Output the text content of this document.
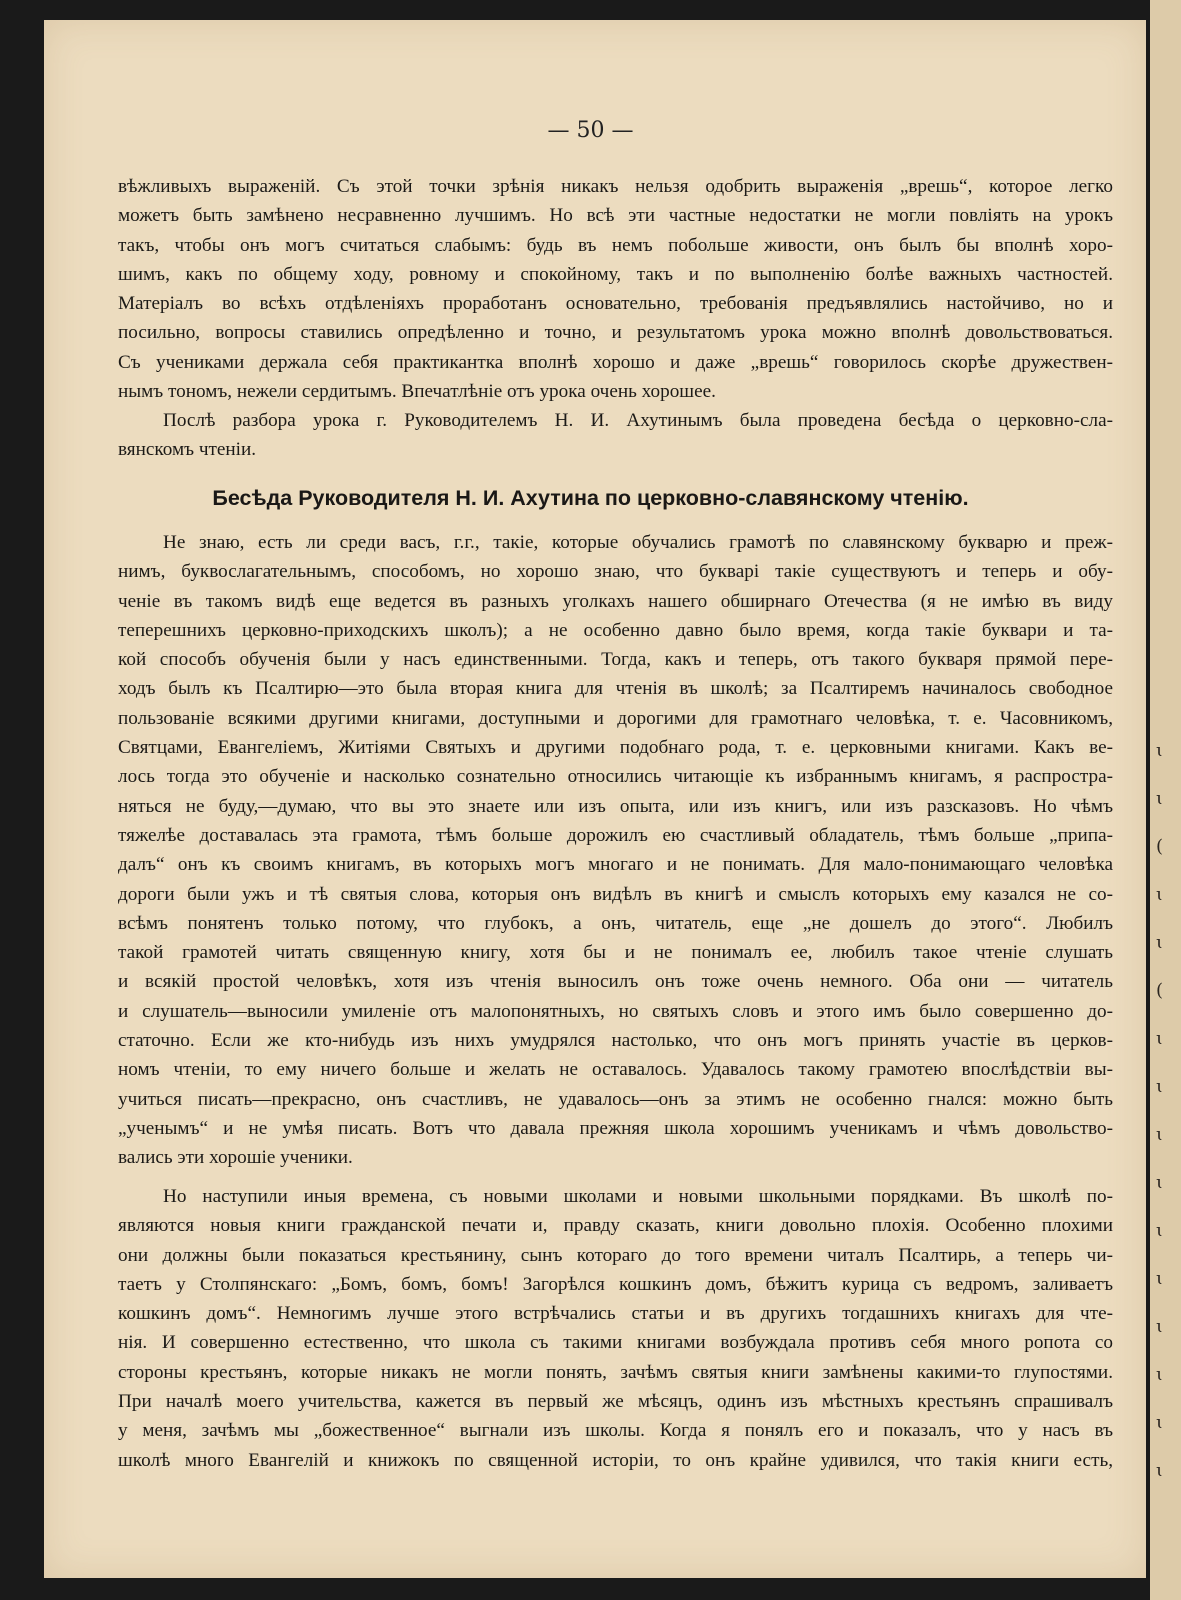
ɩ
ɩ
(
ɩ
ɩ
(
ɩ
ɩ
ɩ
ɩ
ɩ
ɩ
ɩ
ɩ
ɩ
ɩ
— 50 —
вѣжливыхъ выраженій. Съ этой точки зрѣнія никакъ нельзя одобрить выраженія „врешь“, которое легко
можетъ быть замѣнено несравненно лучшимъ. Но всѣ эти частные недостатки не могли повліять на урокъ
такъ, чтобы онъ могъ считаться слабымъ: будь въ немъ побольше живости, онъ былъ бы вполнѣ хоро-
шимъ, какъ по общему ходу, ровному и спокойному, такъ и по выполненію болѣе важныхъ частностей.
Матеріалъ во всѣхъ отдѣленіяхъ проработанъ основательно, требованія предъявлялись настойчиво, но и
посильно, вопросы ставились опредѣленно и точно, и результатомъ урока можно вполнѣ довольствоваться.
Съ учениками держала себя практикантка вполнѣ хорошо и даже „врешь“ говорилось скорѣе дружествен-
нымъ тономъ, нежели сердитымъ. Впечатлѣніе отъ урока очень хорошее.
Послѣ разбора урока г. Руководителемъ Н. И. Ахутинымъ была проведена бесѣда о церковно-сла-
вянскомъ чтеніи.
Бесѣда Руководителя Н. И. Ахутина по церковно-славянскому чтенію.
Не знаю, есть ли среди васъ, г.г., такіе, которые обучались грамотѣ по славянскому букварю и преж-
нимъ, буквослагательнымъ, способомъ, но хорошо знаю, что букварі такіе существуютъ и теперь и обу-
ченіе въ такомъ видѣ еще ведется въ разныхъ уголкахъ нашего обширнаго Отечества (я не имѣю въ виду
теперешнихъ церковно-приходскихъ школъ); а не особенно давно было время, когда такіе буквари и та-
кой способъ обученія были у насъ единственными. Тогда, какъ и теперь, отъ такого букваря прямой пере-
ходъ былъ къ Псалтирю—это была вторая книга для чтенія въ школѣ; за Псалтиремъ начиналось свободное
пользованіе всякими другими книгами, доступными и дорогими для грамотнаго человѣка, т. е. Часовникомъ,
Святцами, Евангеліемъ, Житіями Святыхъ и другими подобнаго рода, т. е. церковными книгами. Какъ ве-
лось тогда это обученіе и насколько сознательно относились читающіе къ избраннымъ книгамъ, я распростра-
няться не буду,—думаю, что вы это знаете или изъ опыта, или изъ книгъ, или изъ разсказовъ. Но чѣмъ
тяжелѣе доставалась эта грамота, тѣмъ больше дорожилъ ею счастливый обладатель, тѣмъ больше „припа-
далъ“ онъ къ своимъ книгамъ, въ которыхъ могъ многаго и не понимать. Для мало-понимающаго человѣка
дороги были ужъ и тѣ святыя слова, которыя онъ видѣлъ въ книгѣ и смыслъ которыхъ ему казался не со-
всѣмъ понятенъ только потому, что глубокъ, а онъ, читатель, еще „не дошелъ до этого“. Любилъ
такой грамотей читать священную книгу, хотя бы и не понималъ ее, любилъ такое чтеніе слушать
и всякій простой человѣкъ, хотя изъ чтенія выносилъ онъ тоже очень немного. Оба они — читатель
и слушатель—выносили умиленіе отъ малопонятныхъ, но святыхъ словъ и этого имъ было совершенно до-
статочно. Если же кто-нибудь изъ нихъ умудрялся настолько, что онъ могъ принять участіе въ церков-
номъ чтеніи, то ему ничего больше и желать не оставалось. Удавалось такому грамотею впослѣдствіи вы-
учиться писать—прекрасно, онъ счастливъ, не удавалось—онъ за этимъ не особенно гнался: можно быть
„ученымъ“ и не умѣя писать. Вотъ что давала прежняя школа хорошимъ ученикамъ и чѣмъ довольство-
вались эти хорошіе ученики.
Но наступили иныя времена, съ новыми школами и новыми школьными порядками. Въ школѣ по-
являются новыя книги гражданской печати и, правду сказать, книги довольно плохія. Особенно плохими
они должны были показаться крестьянину, сынъ котораго до того времени читалъ Псалтирь, а теперь чи-
таетъ у Столпянскаго: „Бомъ, бомъ, бомъ! Загорѣлся кошкинъ домъ, бѣжитъ курица съ ведромъ, заливаетъ
кошкинъ домъ“. Немногимъ лучше этого встрѣчались статьи и въ другихъ тогдашнихъ книгахъ для чте-
нія. И совершенно естественно, что школа съ такими книгами возбуждала противъ себя много ропота со
стороны крестьянъ, которые никакъ не могли понять, зачѣмъ святыя книги замѣнены какими-то глупостями.
При началѣ моего учительства, кажется въ первый же мѣсяцъ, одинъ изъ мѣстныхъ крестьянъ спрашивалъ
у меня, зачѣмъ мы „божественное“ выгнали изъ школы. Когда я понялъ его и показалъ, что у насъ въ
школѣ много Евангелій и книжокъ по священной исторіи, то онъ крайне удивился, что такія книги есть,
